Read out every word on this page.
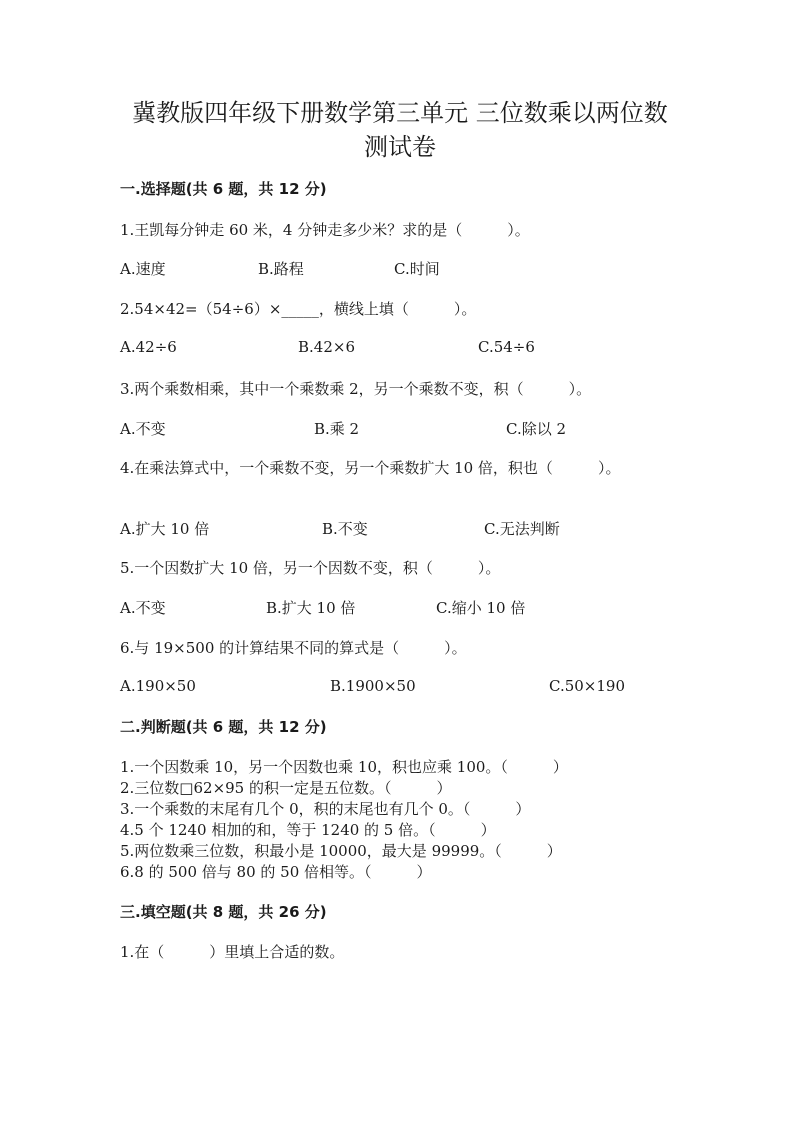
冀教版四年级下册数学第三单元 三位数乘以两位数
测试卷
一.选择题(共 6 题，共 12 分)
1.王凯每分钟走 60 米，4 分钟走多少米？求的是（　　　）。
A.速度	B.路程	C.时间
2.54×42=（54÷6）×_____，横线上填（　　　）。
A.42÷6	B.42×6	C.54÷6
3.两个乘数相乘，其中一个乘数乘 2，另一个乘数不变，积（　　　）。
A.不变	B.乘 2	C.除以 2
4.在乘法算式中，一个乘数不变，另一个乘数扩大 10 倍，积也（　　　）。
A.扩大 10 倍	B.不变	C.无法判断
5.一个因数扩大 10 倍，另一个因数不变，积（　　　）。
A.不变	B.扩大 10 倍	C.缩小 10 倍
6.与 19×500 的计算结果不同的算式是（　　　）。
A.190×50	B.1900×50	C.50×190
二.判断题(共 6 题，共 12 分)
1.一个因数乘 10，另一个因数也乘 10，积也应乘 100。（　　　）
2.三位数□62×95 的积一定是五位数。（　　　）
3.一个乘数的末尾有几个 0，积的末尾也有几个 0。（　　　）
4.5 个 1240 相加的和，等于 1240 的 5 倍。（　　　）
5.两位数乘三位数，积最小是 10000，最大是 99999。（　　　）
6.8 的 500 倍与 80 的 50 倍相等。（　　　）
三.填空题(共 8 题，共 26 分)
1.在（　　　）里填上合适的数。
